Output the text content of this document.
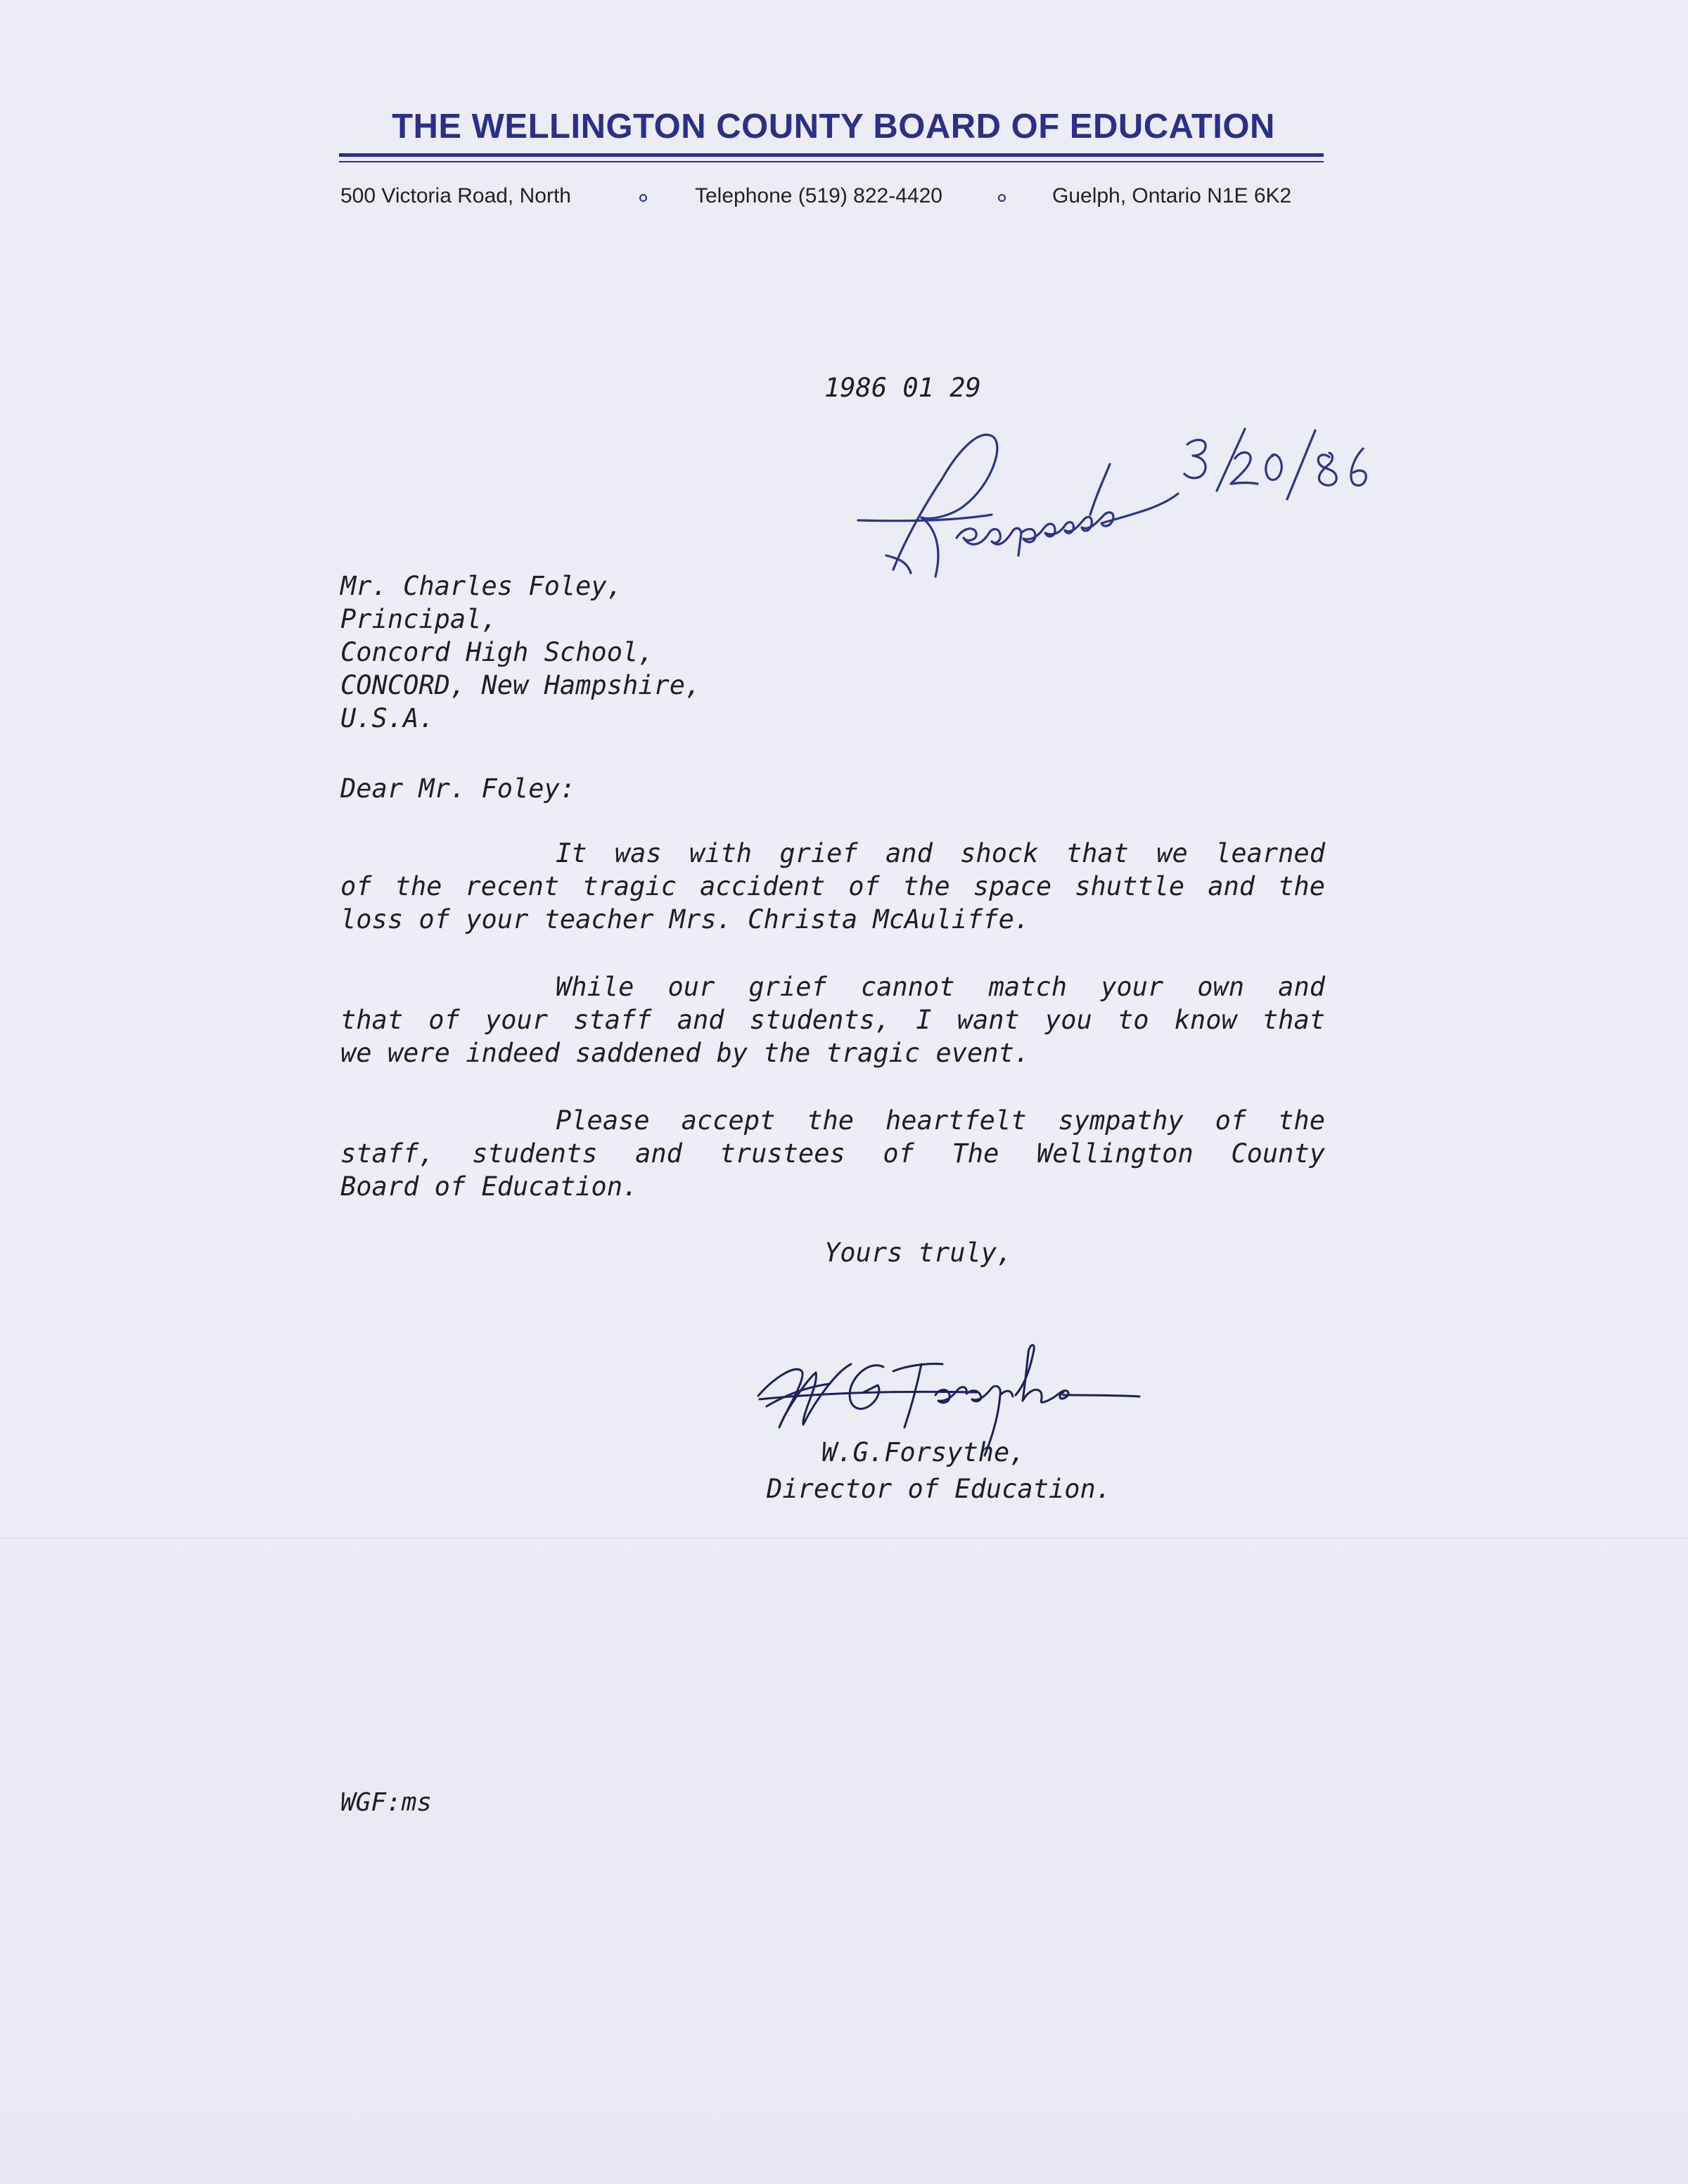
THE WELLINGTON COUNTY BOARD OF EDUCATION
500 Victoria Road, North	Telephone (519) 822-4420	Guelph, Ontario N1E 6K2
1986 01 29
Mr. Charles Foley,
Principal,
Concord High School,
CONCORD, New Hampshire,
U.S.A.
Dear Mr. Foley:
It was with grief and shock that we learned
of the recent tragic accident of the space shuttle and the
loss of your teacher Mrs. Christa McAuliffe.
While our grief cannot match your own and
that of your staff and students, I want you to know that
we were indeed saddened by the tragic event.
Please accept the heartfelt sympathy of the
staff, students and trustees of The Wellington County
Board of Education.
Yours truly,
W.G.Forsythe,
Director of Education.
WGF:ms
